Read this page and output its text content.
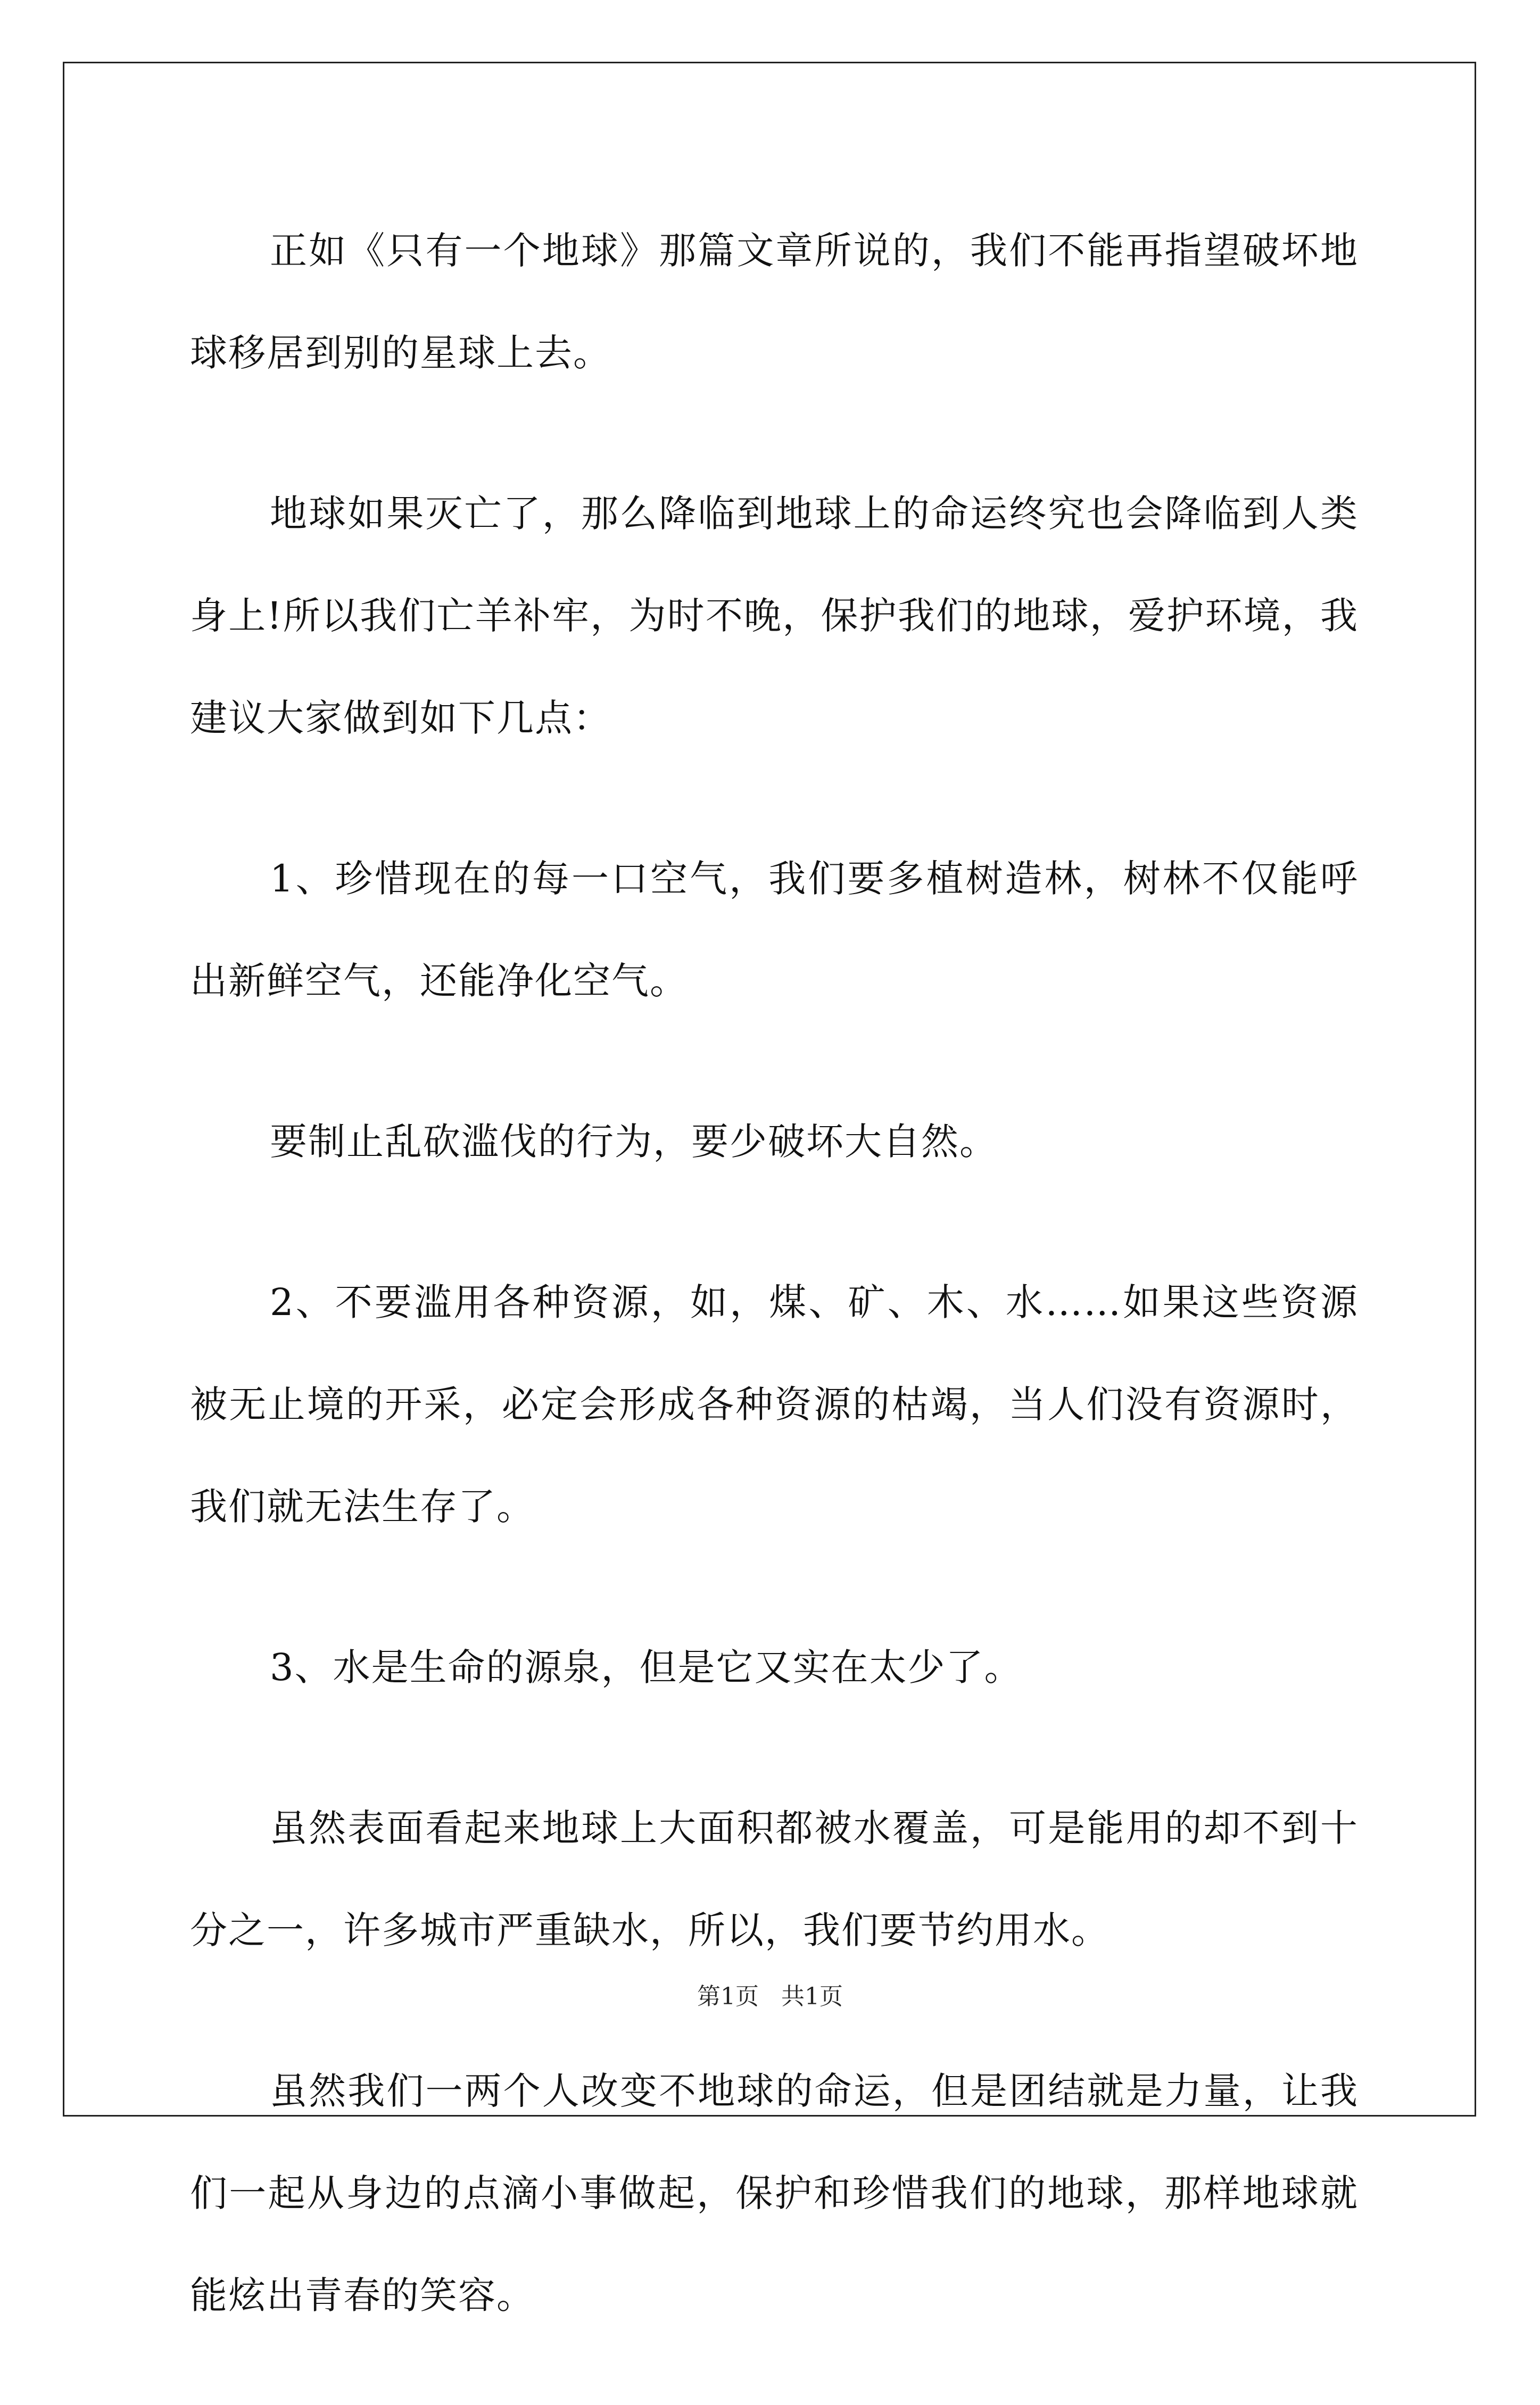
正如《只有一个地球》那篇文章所说的，我们不能再指望破坏地球移居到别的星球上去。

地球如果灭亡了，那么降临到地球上的命运终究也会降临到人类身上!所以我们亡羊补牢，为时不晚，保护我们的地球，爱护环境，我建议大家做到如下几点：

1、珍惜现在的每一口空气，我们要多植树造林，树林不仅能呼出新鲜空气，还能净化空气。

要制止乱砍滥伐的行为，要少破坏大自然。

2、不要滥用各种资源，如，煤、矿、木、水……如果这些资源被无止境的开采，必定会形成各种资源的枯竭，当人们没有资源时，我们就无法生存了。

3、水是生命的源泉，但是它又实在太少了。

虽然表面看起来地球上大面积都被水覆盖，可是能用的却不到十分之一，许多城市严重缺水，所以，我们要节约用水。

虽然我们一两个人改变不地球的命运，但是团结就是力量，让我们一起从身边的点滴小事做起，保护和珍惜我们的地球，那样地球就能炫出青春的笑容。

第1页   共1页
